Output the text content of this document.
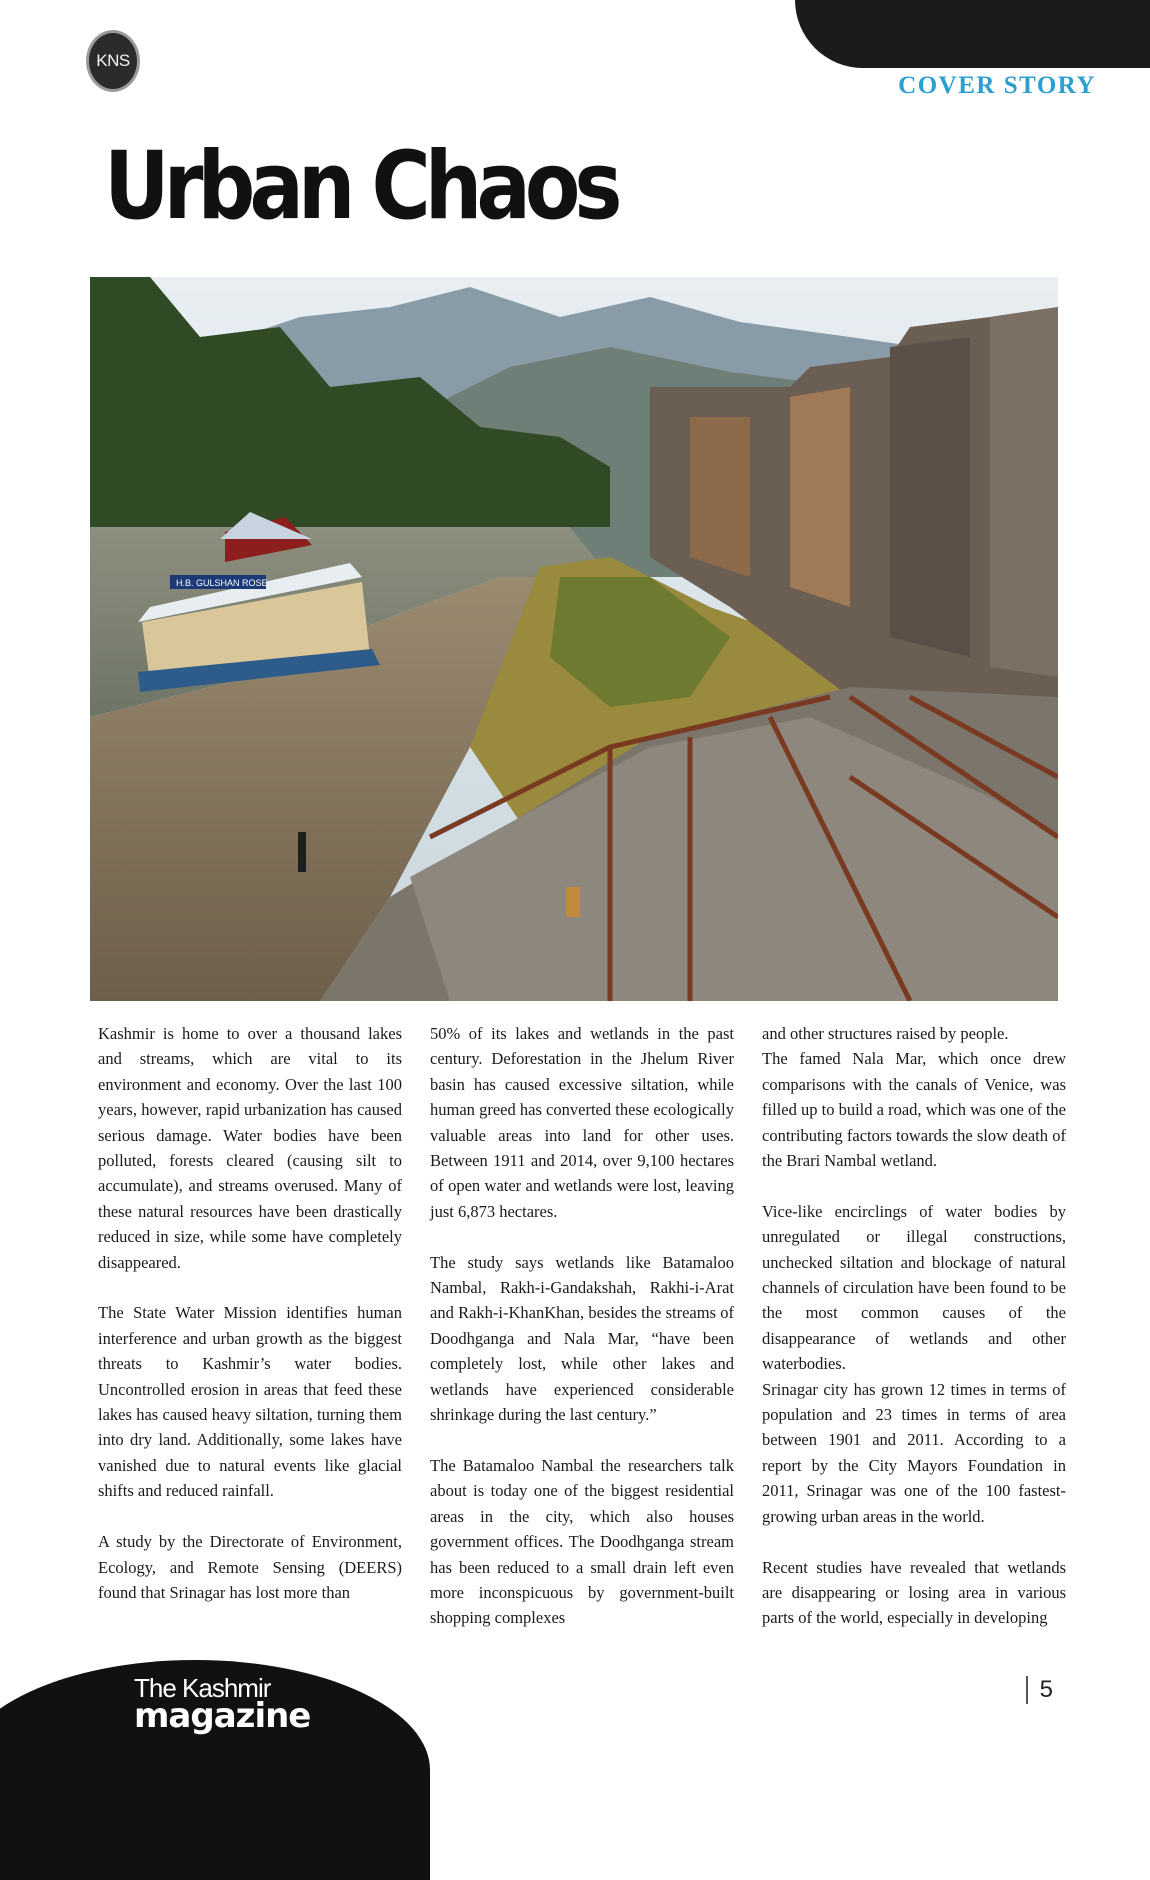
KNS
COVER STORY
Urban Chaos
H.B. GULSHAN ROSE

Kashmir is home to over a thousand lakes and streams, which are vital to its environment and economy. Over the last 100 years, however, rapid urbanization has caused serious damage. Water bodies have been polluted, forests cleared (causing silt to accumulate), and streams overused. Many of these natural resources have been drastically reduced in size, while some have completely disappeared.

The State Water Mission identifies human interference and urban growth as the biggest threats to Kashmir’s water bodies. Uncontrolled erosion in areas that feed these lakes has caused heavy siltation, turning them into dry land. Additionally, some lakes have vanished due to natural events like glacial shifts and reduced rainfall.

A study by the Directorate of Environment, Ecology, and Remote Sensing (DEERS) found that Srinagar has lost more than

50% of its lakes and wetlands in the past century. Deforestation in the Jhelum River basin has caused excessive siltation, while human greed has converted these ecologically valuable areas into land for other uses. Between 1911 and 2014, over 9,100 hectares of open water and wetlands were lost, leaving just 6,873 hectares.

The study says wetlands like Batamaloo Nambal, Rakh-i-Gandakshah, Rakhi-i-Arat and Rakh-i-KhanKhan, besides the streams of Doodhganga and Nala Mar, “have been completely lost, while other lakes and wetlands have experienced considerable shrinkage during the last century.”

The Batamaloo Nambal the researchers talk about is today one of the biggest residential areas in the city, which also houses government offices. The Doodhganga stream has been reduced to a small drain left even more inconspicuous by government-built shopping complexes

and other structures raised by people.

The famed Nala Mar, which once drew comparisons with the canals of Venice, was filled up to build a road, which was one of the contributing factors towards the slow death of the Brari Nambal wetland.

Vice-like encirclings of water bodies by unregulated or illegal constructions, unchecked siltation and blockage of natural channels of circulation have been found to be the most common causes of the disappearance of wetlands and other waterbodies.

Srinagar city has grown 12 times in terms of population and 23 times in terms of area between 1901 and 2011. According to a report by the City Mayors Foundation in 2011, Srinagar was one of the 100 fastest-growing urban areas in the world.

Recent studies have revealed that wetlands are disappearing or losing area in various parts of the world, especially in developing

The Kashmir
magazine
5
